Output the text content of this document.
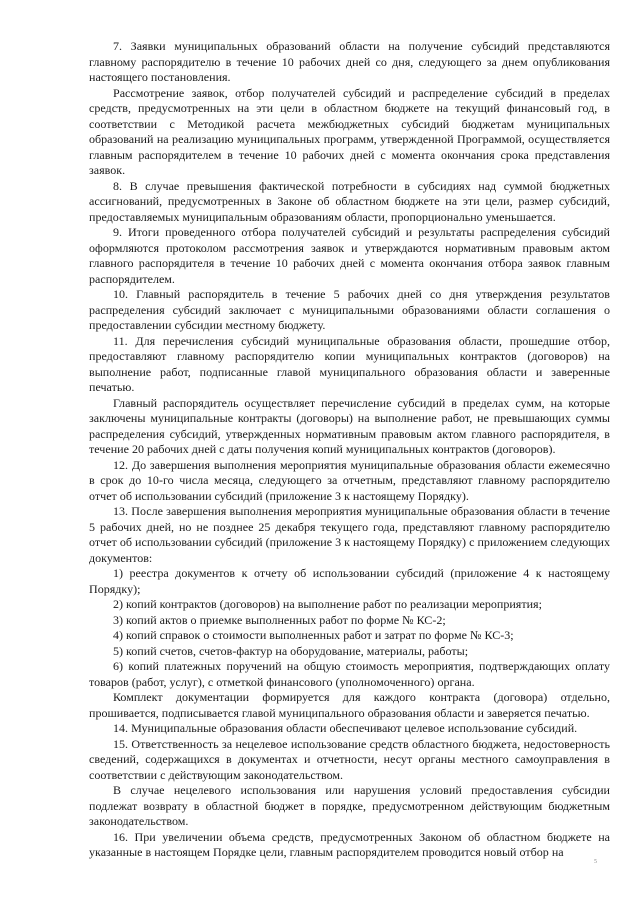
7. Заявки муниципальных образований области на получение субсидий представляются главному распорядителю в течение 10 рабочих дней со дня, следующего за днем опубликования настоящего постановления.

Рассмотрение заявок, отбор получателей субсидий и распределение субсидий в пределах средств, предусмотренных на эти цели в областном бюджете на текущий финансовый год, в соответствии с Методикой расчета межбюджетных субсидий бюджетам муниципальных образований на реализацию муниципальных программ, утвержденной Программой, осуществляется главным распорядителем в течение 10 рабочих дней с момента окончания срока представления заявок.

8. В случае превышения фактической потребности в субсидиях над суммой бюджетных ассигнований, предусмотренных в Законе об областном бюджете на эти цели, размер субсидий, предоставляемых муниципальным образованиям области, пропорционально уменьшается.

9. Итоги проведенного отбора получателей субсидий и результаты распределения субсидий оформляются протоколом рассмотрения заявок и утверждаются нормативным правовым актом главного распорядителя в течение 10 рабочих дней с момента окончания отбора заявок главным распорядителем.

10. Главный распорядитель в течение 5 рабочих дней со дня утверждения результатов распределения субсидий заключает с муниципальными образованиями области соглашения о предоставлении субсидии местному бюджету.

11. Для перечисления субсидий муниципальные образования области, прошедшие отбор, предоставляют главному распорядителю копии муниципальных контрактов (договоров) на выполнение работ, подписанные главой муниципального образования области и заверенные печатью.

Главный распорядитель осуществляет перечисление субсидий в пределах сумм, на которые заключены муниципальные контракты (договоры) на выполнение работ, не превышающих суммы распределения субсидий, утвержденных нормативным правовым актом главного распорядителя, в течение 20 рабочих дней с даты получения копий муниципальных контрактов (договоров).

12. До завершения выполнения мероприятия муниципальные образования области ежемесячно в срок до 10-го числа месяца, следующего за отчетным, представляют главному распорядителю отчет об использовании субсидий (приложение 3 к настоящему Порядку).

13. После завершения выполнения мероприятия муниципальные образования области в течение 5 рабочих дней, но не позднее 25 декабря текущего года, представляют главному распорядителю отчет об использовании субсидий (приложение 3 к настоящему Порядку) с приложением следующих документов:

1) реестра документов к отчету об использовании субсидий (приложение 4 к настоящему Порядку);

2) копий контрактов (договоров) на выполнение работ по реализации мероприятия;

3) копий актов о приемке выполненных работ по форме № КС-2;

4) копий справок о стоимости выполненных работ и затрат по форме № КС-3;

5) копий счетов, счетов-фактур на оборудование, материалы, работы;

6) копий платежных поручений на общую стоимость мероприятия, подтверждающих оплату товаров (работ, услуг), с отметкой финансового (уполномоченного) органа.

Комплект документации формируется для каждого контракта (договора) отдельно, прошивается, подписывается главой муниципального образования области и заверяется печатью.

14. Муниципальные образования области обеспечивают целевое использование субсидий.

15. Ответственность за нецелевое использование средств областного бюджета, недостоверность сведений, содержащихся в документах и отчетности, несут органы местного самоуправления в соответствии с действующим законодательством.

В случае нецелевого использования или нарушения условий предоставления субсидии подлежат возврату в областной бюджет в порядке, предусмотренном действующим бюджетным законодательством.

16. При увеличении объема средств, предусмотренных Законом об областном бюджете на указанные в настоящем Порядке цели, главным распорядителем проводится новый отбор на

5
